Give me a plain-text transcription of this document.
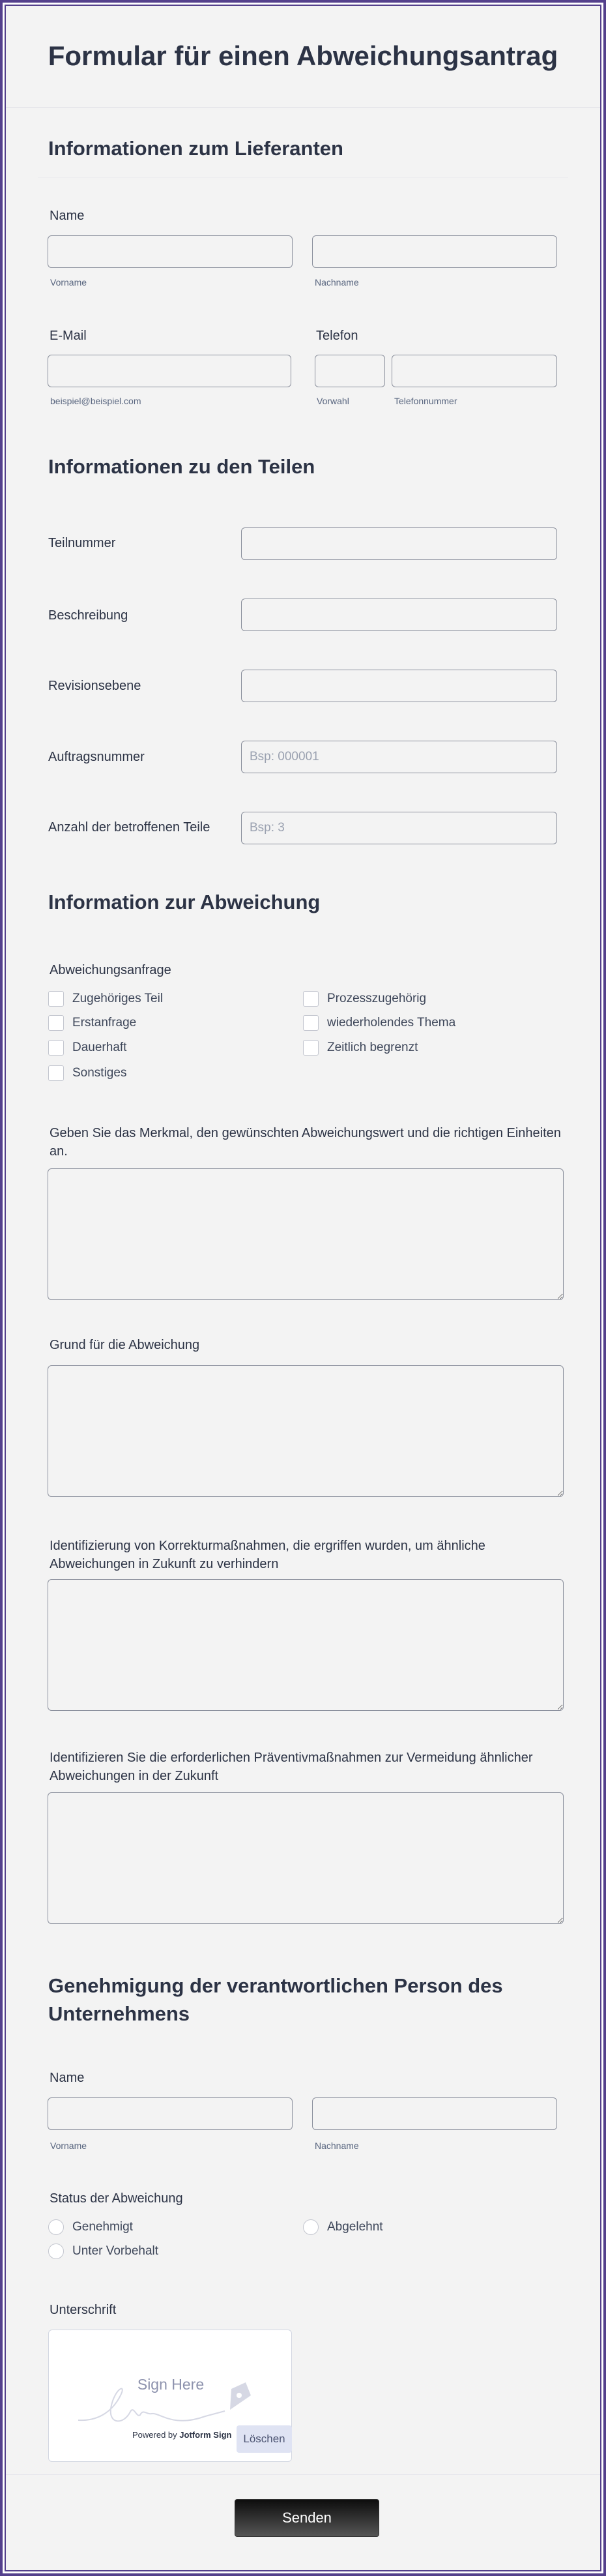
Formular für einen Abweichungsantrag
Informationen zum Lieferanten
Name
Vorname	Nachname
E-Mail	Telefon
beispiel@beispiel.com	Vorwahl	Telefonnummer
Informationen zu den Teilen
Teilnummer
Beschreibung
Revisionsebene
Auftragsnummer
Bsp: 000001
Anzahl der betroffenen Teile
Bsp: 3
Information zur Abweichung
Abweichungsanfrage
Zugehöriges Teil	Prozesszugehörig
Erstanfrage	wiederholendes Thema
Dauerhaft	Zeitlich begrenzt
Sonstiges
Geben Sie das Merkmal, den gewünschten Abweichungswert und die richtigen Einheiten an.
Grund für die Abweichung
Identifizierung von Korrekturmaßnahmen, die ergriffen wurden, um ähnliche Abweichungen in Zukunft zu verhindern
Identifizieren Sie die erforderlichen Präventivmaßnahmen zur Vermeidung ähnlicher Abweichungen in der Zukunft
Genehmigung der verantwortlichen Person des Unternehmens
Name
Vorname	Nachname
Status der Abweichung
Genehmigt	Abgelehnt
Unter Vorbehalt
Unterschrift
Sign Here
Powered by Jotform Sign	Löschen
Senden
